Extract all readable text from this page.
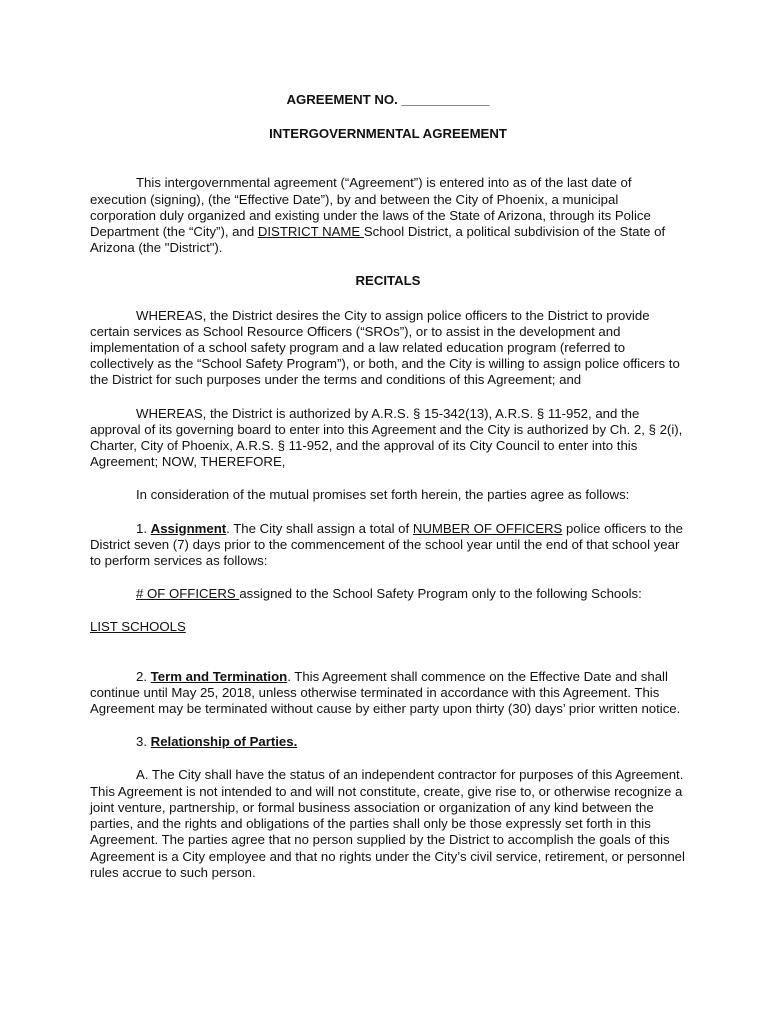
AGREEMENT NO. ____________
INTERGOVERNMENTAL AGREEMENT

This intergovernmental agreement (“Agreement”) is entered into as of the last date of execution (signing), (the “Effective Date”), by and between the City of Phoenix, a municipal corporation duly organized and existing under the laws of the State of Arizona, through its Police Department (the “City”), and DISTRICT NAME School District, a political subdivision of the State of Arizona (the "District").

RECITALS

WHEREAS, the District desires the City to assign police officers to the District to provide certain services as School Resource Officers (“SROs”), or to assist in the development and implementation of a school safety program and a law related education program (referred to collectively as the “School Safety Program”), or both, and the City is willing to assign police officers to the District for such purposes under the terms and conditions of this Agreement; and

WHEREAS, the District is authorized by A.R.S. § 15-342(13), A.R.S. § 11-952, and the approval of its governing board to enter into this Agreement and the City is authorized by Ch. 2, § 2(i), Charter, City of Phoenix, A.R.S. § 11-952, and the approval of its City Council to enter into this Agreement; NOW, THEREFORE,

In consideration of the mutual promises set forth herein, the parties agree as follows:

1. Assignment. The City shall assign a total of NUMBER OF OFFICERS police officers to the District seven (7) days prior to the commencement of the school year until the end of that school year to perform services as follows:

# OF OFFICERS assigned to the School Safety Program only to the following Schools:

LIST SCHOOLS

2. Term and Termination. This Agreement shall commence on the Effective Date and shall continue until May 25, 2018, unless otherwise terminated in accordance with this Agreement. This Agreement may be terminated without cause by either party upon thirty (30) days’ prior written notice.

3. Relationship of Parties.

A. The City shall have the status of an independent contractor for purposes of this Agreement. This Agreement is not intended to and will not constitute, create, give rise to, or otherwise recognize a joint venture, partnership, or formal business association or organization of any kind between the parties, and the rights and obligations of the parties shall only be those expressly set forth in this Agreement. The parties agree that no person supplied by the District to accomplish the goals of this Agreement is a City employee and that no rights under the City’s civil service, retirement, or personnel rules accrue to such person.
